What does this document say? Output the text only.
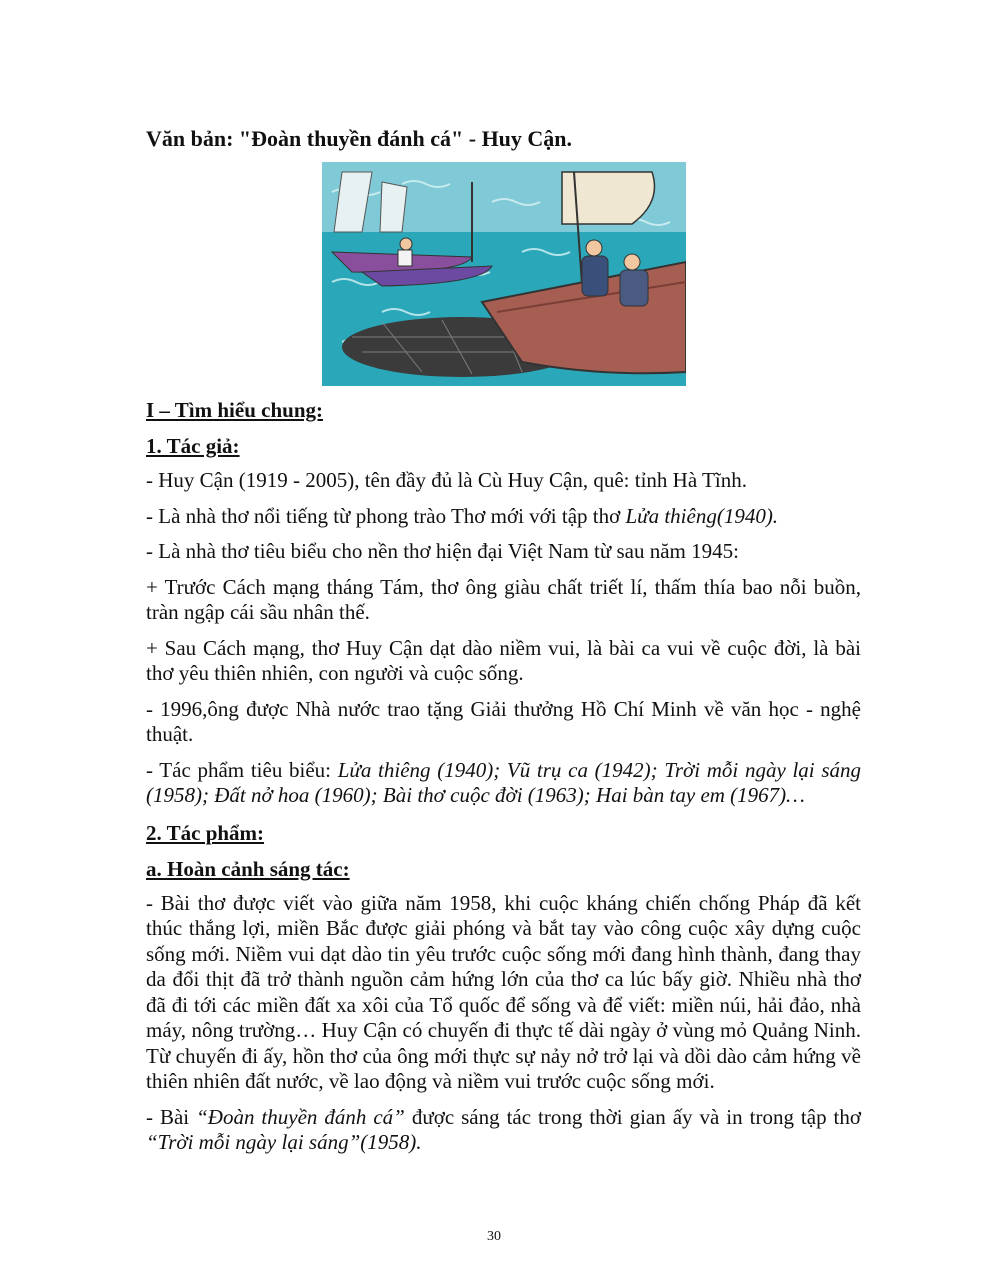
Văn bản: "Đoàn thuyền đánh cá" - Huy Cận.
I – Tìm hiểu chung:
1. Tác giả:
- Huy Cận (1919 - 2005), tên đầy đủ là Cù Huy Cận, quê: tỉnh Hà Tĩnh.
- Là nhà thơ nổi tiếng từ phong trào Thơ mới với tập thơ Lửa thiêng(1940).
- Là nhà thơ tiêu biểu cho nền thơ hiện đại Việt Nam từ sau năm 1945:
+ Trước Cách mạng tháng Tám, thơ ông giàu chất triết lí, thấm thía bao nỗi buồn, tràn ngập cái sầu nhân thế.
+ Sau Cách mạng, thơ Huy Cận dạt dào niềm vui, là bài ca vui về cuộc đời, là bài thơ yêu thiên nhiên, con người và cuộc sống.
- 1996,ông được Nhà nước trao tặng Giải thưởng Hồ Chí Minh về văn học - nghệ thuật.
- Tác phẩm tiêu biểu: Lửa thiêng (1940); Vũ trụ ca (1942); Trời mỗi ngày lại sáng (1958); Đất nở hoa (1960); Bài thơ cuộc đời (1963); Hai bàn tay em (1967)…
2. Tác phẩm:
a. Hoàn cảnh sáng tác:
- Bài thơ được viết vào giữa năm 1958, khi cuộc kháng chiến chống Pháp đã kết thúc thắng lợi, miền Bắc được giải phóng và bắt tay vào công cuộc xây dựng cuộc sống mới. Niềm vui dạt dào tin yêu trước cuộc sống mới đang hình thành, đang thay da đổi thịt đã trở thành nguồn cảm hứng lớn của thơ ca lúc bấy giờ. Nhiều nhà thơ đã đi tới các miền đất xa xôi của Tổ quốc để sống và để viết: miền núi, hải đảo, nhà máy, nông trường… Huy Cận có chuyến đi thực tế dài ngày ở vùng mỏ Quảng Ninh. Từ chuyến đi ấy, hồn thơ của ông mới thực sự nảy nở trở lại và dồi dào cảm hứng về thiên nhiên đất nước, về lao động và niềm vui trước cuộc sống mới.
- Bài “Đoàn thuyền đánh cá” được sáng tác trong thời gian ấy và in trong tập thơ “Trời mỗi ngày lại sáng”(1958).
30
